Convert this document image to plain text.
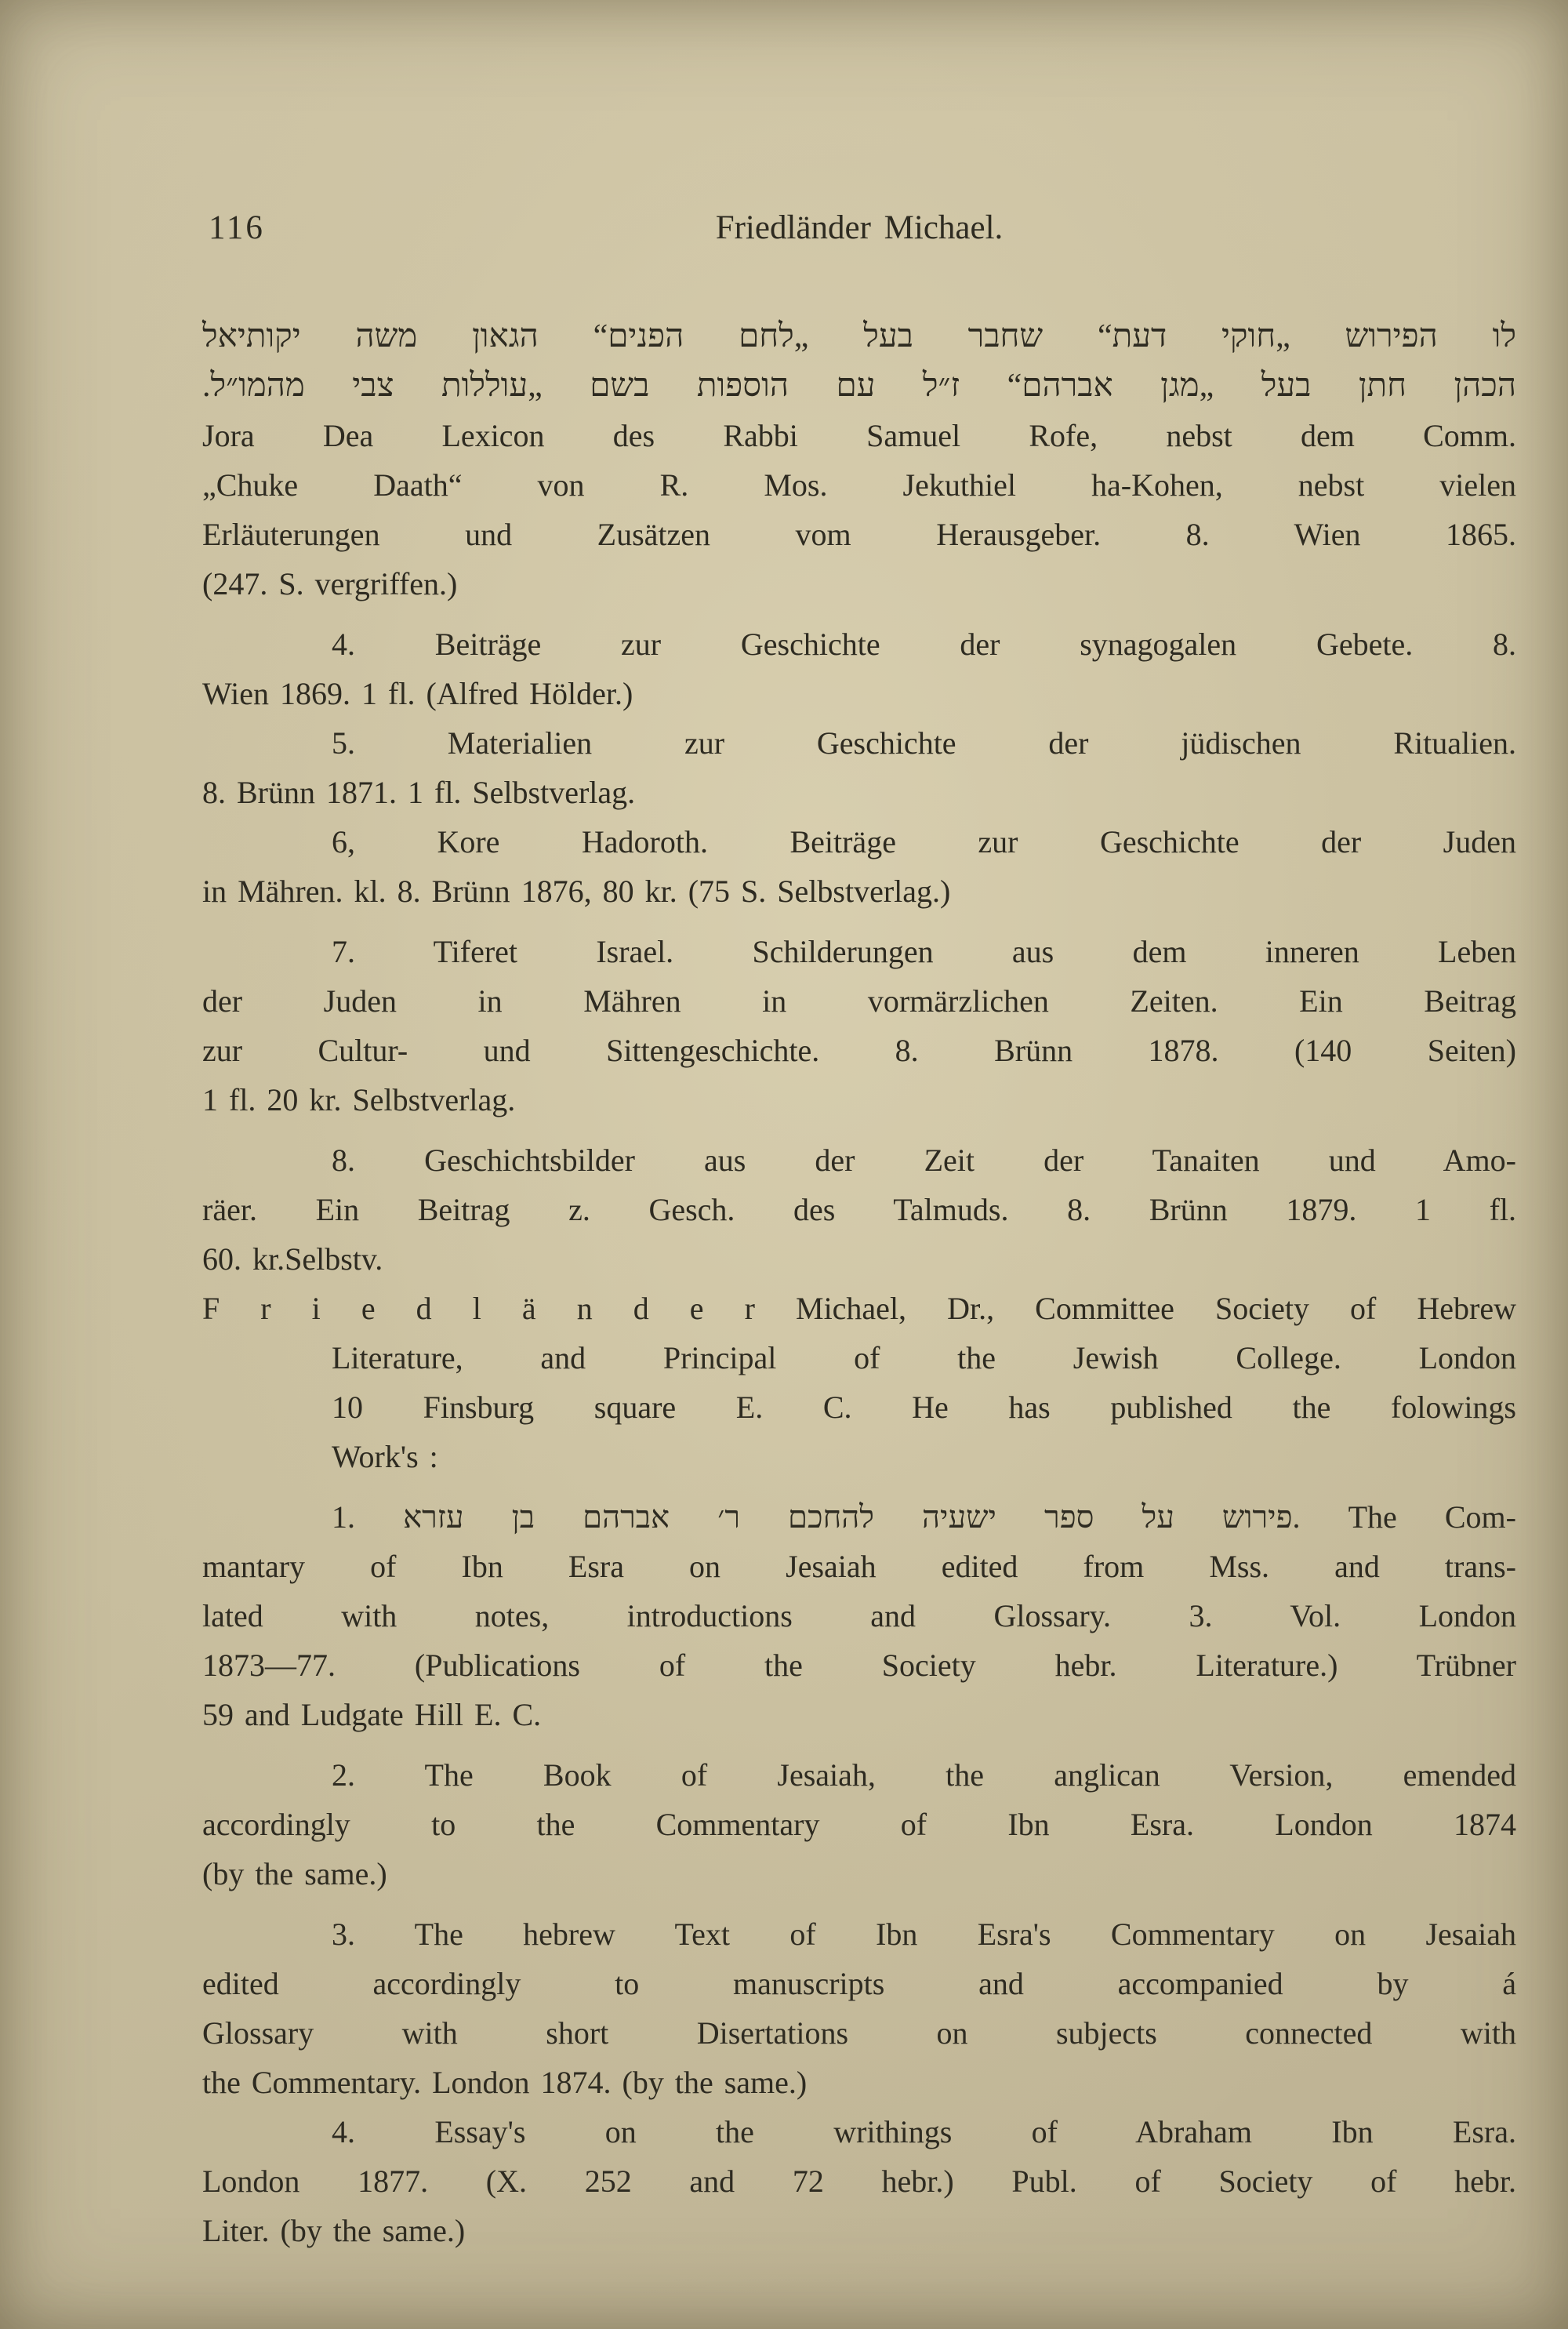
116	Friedländer Michael.
לו הפירוש „חוקי דעת“ שחבר בעל „לחם הפנים“ הגאון משה יקותיאל
הכהן חתן בעל „מגן אברהם“ ז״ל עם הוספות בשם „עוללות צבי מהמו״ל.
Jora Dea Lexicon des Rabbi Samuel Rofe, nebst dem Comm.
„Chuke Daath“ von R. Mos. Jekuthiel ha-Kohen, nebst vielen
Erläuterungen und Zusätzen vom Herausgeber. 8. Wien 1865.
(247. S. vergriffen.)
4. Beiträge zur Geschichte der synagogalen Gebete. 8.
Wien 1869. 1 fl. (Alfred Hölder.)
5. Materialien zur Geschichte der jüdischen Ritualien.
8. Brünn 1871. 1 fl. Selbstverlag.
6, Kore Hadoroth. Beiträge zur Geschichte der Juden
in Mähren. kl. 8. Brünn 1876, 80 kr. (75 S. Selbstverlag.)
7. Tiferet Israel. Schilderungen aus dem inneren Leben
der Juden in Mähren in vormärzlichen Zeiten. Ein Beitrag
zur Cultur- und Sittengeschichte. 8. Brünn 1878. (140 Seiten)
1 fl. 20 kr. Selbstverlag.
8. Geschichtsbilder aus der Zeit der Tanaiten und Amo-
räer. Ein Beitrag z. Gesch. des Talmuds. 8. Brünn 1879. 1 fl.
60. kr.Selbstv.
F r i e d l ä n d e r Michael, Dr., Committee Society of Hebrew
Literature, and Principal of the Jewish College. London
10 Finsburg square E. C. He has published the folowings
Work's :
1. פירוש על ספר ישעיה להחכם ר׳ אברהם בן עזרא. The Com-
mantary of Ibn Esra on Jesaiah edited from Mss. and trans-
lated with notes, introductions and Glossary. 3. Vol. London
1873—77. (Publications of the Society hebr. Literature.) Trübner
59 and Ludgate Hill E. C.
2. The Book of Jesaiah, the anglican Version, emended
accordingly to the Commentary of Ibn Esra. London 1874
(by the same.)
3. The hebrew Text of Ibn Esra's Commentary on Jesaiah
edited accordingly to manuscripts and accompanied by á
Glossary with short Disertations on subjects connected with
the Commentary. London 1874. (by the same.)
4. Essay's on the writhings of Abraham Ibn Esra.
London 1877. (X. 252 and 72 hebr.) Publ. of Society of hebr.
Liter. (by the same.)
